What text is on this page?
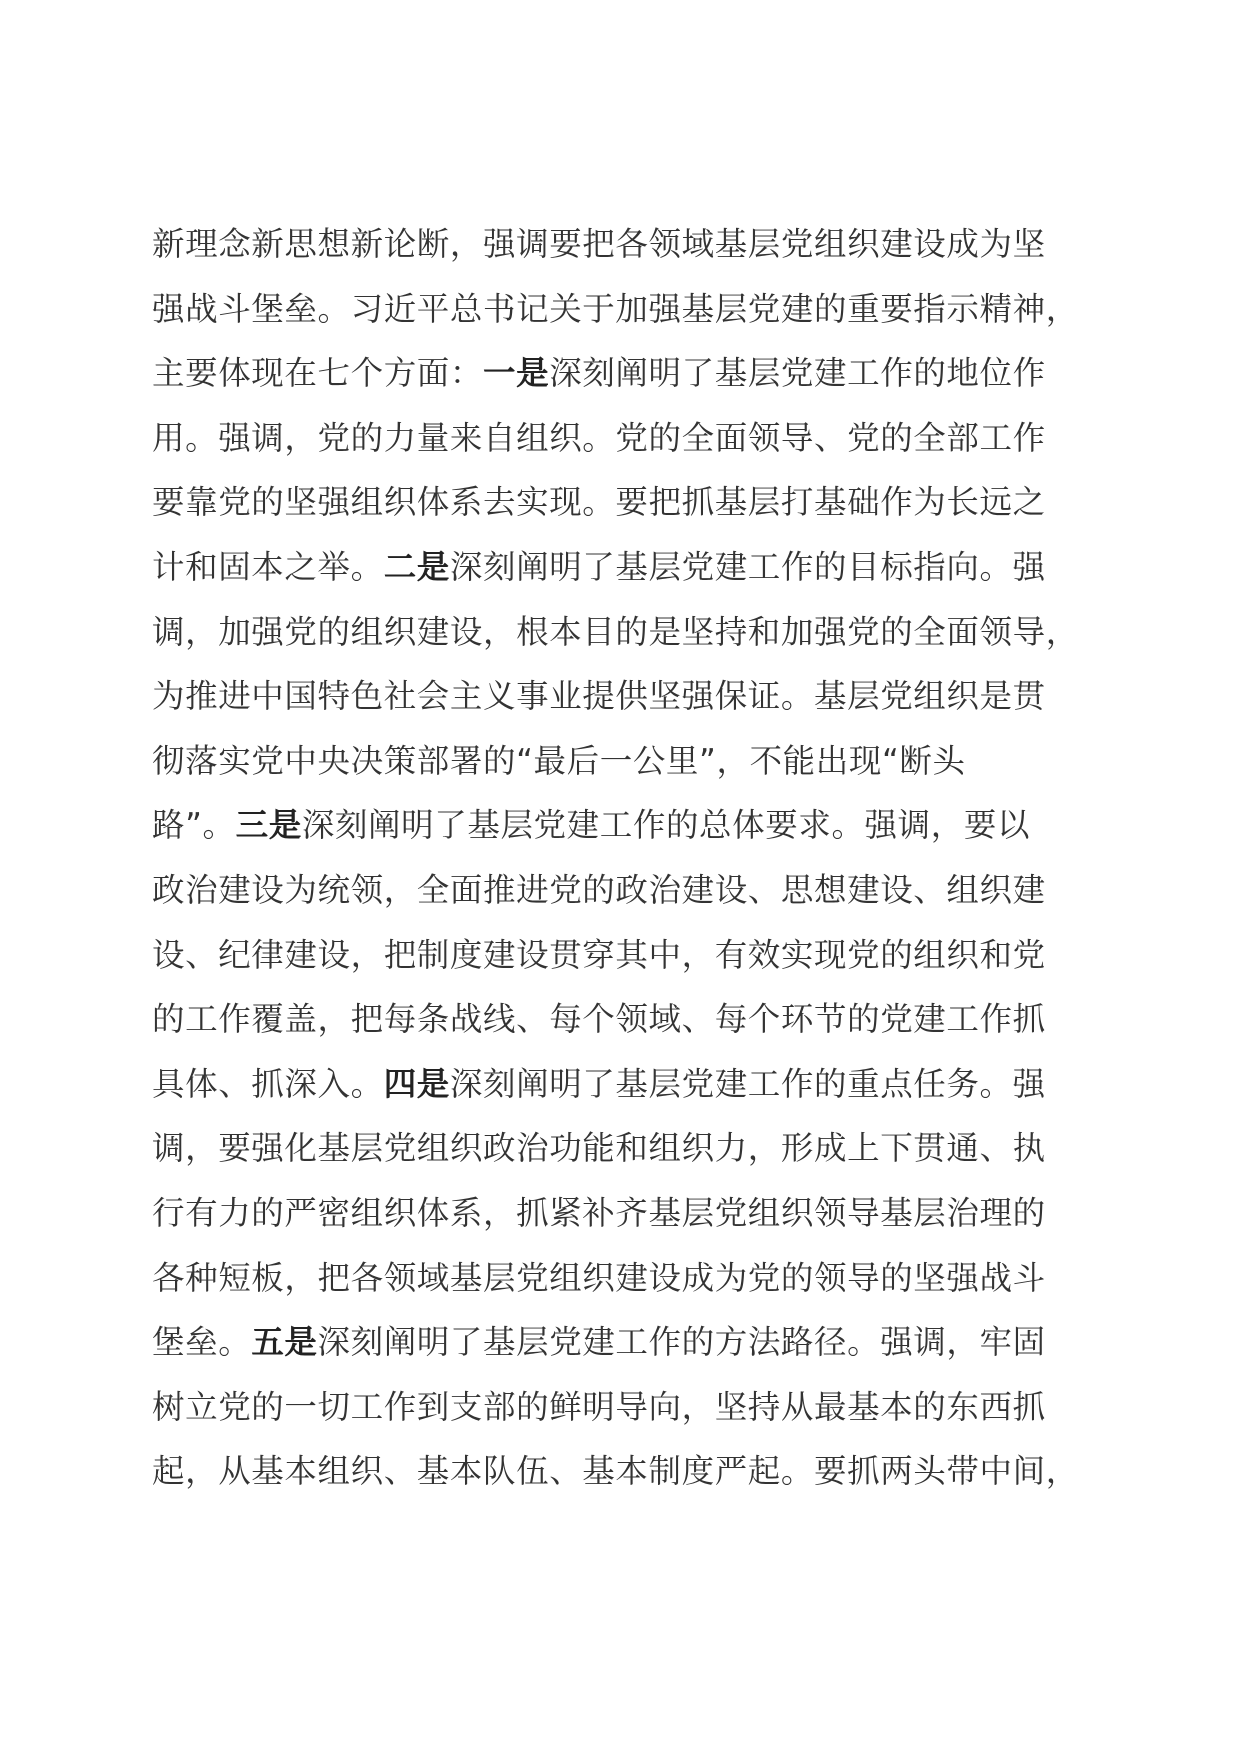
新理念新思想新论断，强调要把各领域基层党组织建设成为坚
强战斗堡垒。习近平总书记关于加强基层党建的重要指示精神，
主要体现在七个方面：一是深刻阐明了基层党建工作的地位作
用。强调，党的力量来自组织。党的全面领导、党的全部工作
要靠党的坚强组织体系去实现。要把抓基层打基础作为长远之
计和固本之举。二是深刻阐明了基层党建工作的目标指向。强
调，加强党的组织建设，根本目的是坚持和加强党的全面领导，
为推进中国特色社会主义事业提供坚强保证。基层党组织是贯
彻落实党中央决策部署的“最后一公里”，不能出现“断头
路”。三是深刻阐明了基层党建工作的总体要求。强调，要以
政治建设为统领，全面推进党的政治建设、思想建设、组织建
设、纪律建设，把制度建设贯穿其中，有效实现党的组织和党
的工作覆盖，把每条战线、每个领域、每个环节的党建工作抓
具体、抓深入。四是深刻阐明了基层党建工作的重点任务。强
调，要强化基层党组织政治功能和组织力，形成上下贯通、执
行有力的严密组织体系，抓紧补齐基层党组织领导基层治理的
各种短板，把各领域基层党组织建设成为党的领导的坚强战斗
堡垒。五是深刻阐明了基层党建工作的方法路径。强调，牢固
树立党的一切工作到支部的鲜明导向，坚持从最基本的东西抓
起，从基本组织、基本队伍、基本制度严起。要抓两头带中间，
